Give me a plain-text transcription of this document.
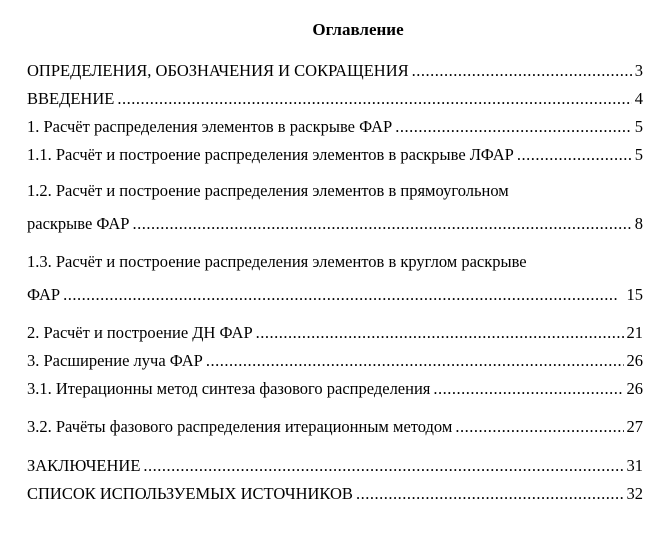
Оглавление
ОПРЕДЕЛЕНИЯ, ОБОЗНАЧЕНИЯ И СОКРАЩЕНИЯ .....	3
ВВЕДЕНИЕ .....	4
1. Расчёт распределения элементов в раскрыве ФАР .....	5
1.1. Расчёт и построение распределения элементов в раскрыве ЛФАР .....	5
1.2. Расчёт и построение распределения элементов в прямоугольном
раскрыве ФАР .....	8
1.3. Расчёт и построение распределения элементов в круглом раскрыве
ФАР .....	15
2. Расчёт и построение ДН ФАР .....	21
3. Расширение луча ФАР .....	26
3.1. Итерационны метод синтеза фазового распределения .....	26
3.2. Рачёты фазового распределения итерационным методом .....	27
ЗАКЛЮЧЕНИЕ .....	31
СПИСОК ИСПОЛЬЗУЕМЫХ ИСТОЧНИКОВ .....	32
